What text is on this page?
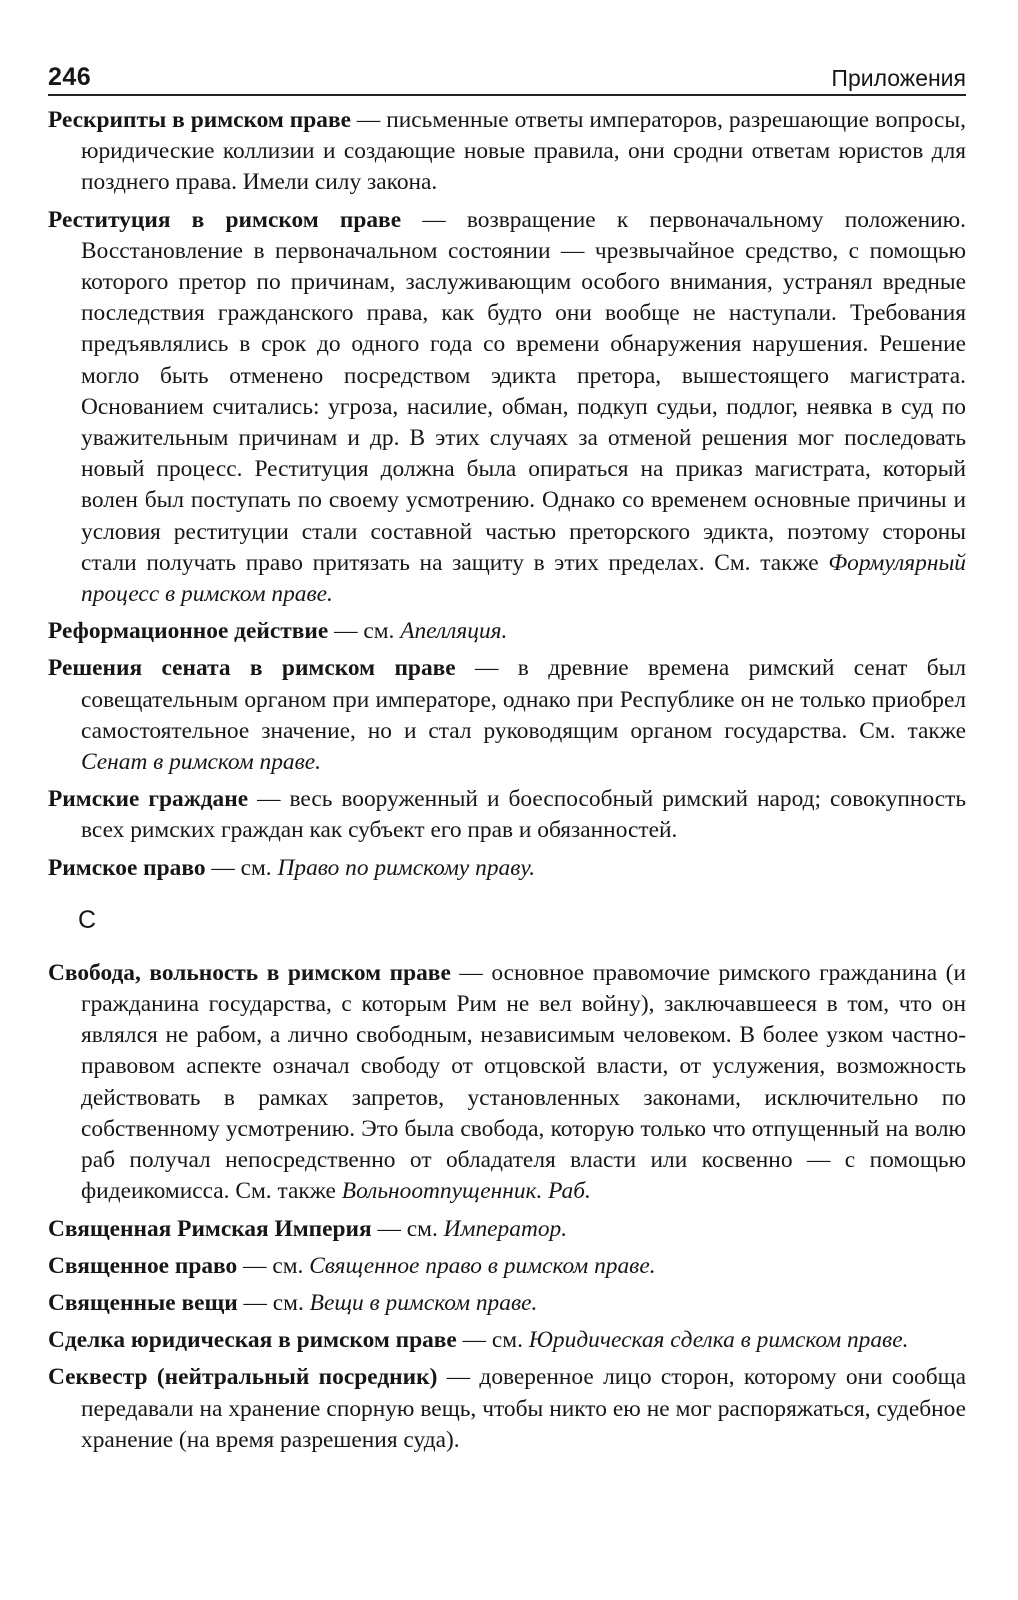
246	Приложения

Рескрипты в римском праве — письменные ответы императоров, разрешающие вопросы, юридические коллизии и создающие новые правила, они сродни ответам юристов для позднего права. Имели силу закона.

Реституция в римском праве — возвращение к первоначальному положению. Восстановление в первоначальном состоянии — чрезвычайное средство, с помощью которого претор по причинам, заслуживающим особого внимания, устранял вредные последствия гражданского права, как будто они вообще не наступали. Требования предъявлялись в срок до одного года со времени обнаружения нарушения. Решение могло быть отменено посредством эдикта претора, вышестоящего магистрата. Основанием считались: угроза, насилие, обман, подкуп судьи, подлог, неявка в суд по уважительным причинам и др. В этих случаях за отменой решения мог последовать новый процесс. Реституция должна была опираться на приказ магистрата, который волен был поступать по своему усмотрению. Однако со временем основные причины и условия реституции стали составной частью преторского эдикта, поэтому стороны стали получать право притязать на защиту в этих пределах. См. также Формулярный процесс в римском праве.

Реформационное действие — см. Апелляция.

Решения сената в римском праве — в древние времена римский сенат был совещательным органом при императоре, однако при Республике он не только приобрел самостоятельное значение, но и стал руководящим органом государства. См. также Сенат в римском праве.

Римские граждане — весь вооруженный и боеспособный римский народ; совокупность всех римских граждан как субъект его прав и обязанностей.

Римское право — см. Право по римскому праву.

С

Свобода, вольность в римском праве — основное правомочие римского гражданина (и гражданина государства, с которым Рим не вел войну), заключавшееся в том, что он являлся не рабом, а лично свободным, независимым человеком. В более узком частно-правовом аспекте означал свободу от отцовской власти, от услужения, возможность действовать в рамках запретов, установленных законами, исключительно по собственному усмотрению. Это была свобода, которую только что отпущенный на волю раб получал непосредственно от обладателя власти или косвенно — с помощью фидеикомисса. См. также Вольноотпущенник. Раб.

Священная Римская Империя — см. Император.

Священное право — см. Священное право в римском праве.

Священные вещи — см. Вещи в римском праве.

Сделка юридическая в римском праве — см. Юридическая сделка в римском праве.

Секвестр (нейтральный посредник) — доверенное лицо сторон, которому они сообща передавали на хранение спорную вещь, чтобы никто ею не мог распоряжаться, судебное хранение (на время разрешения суда).
